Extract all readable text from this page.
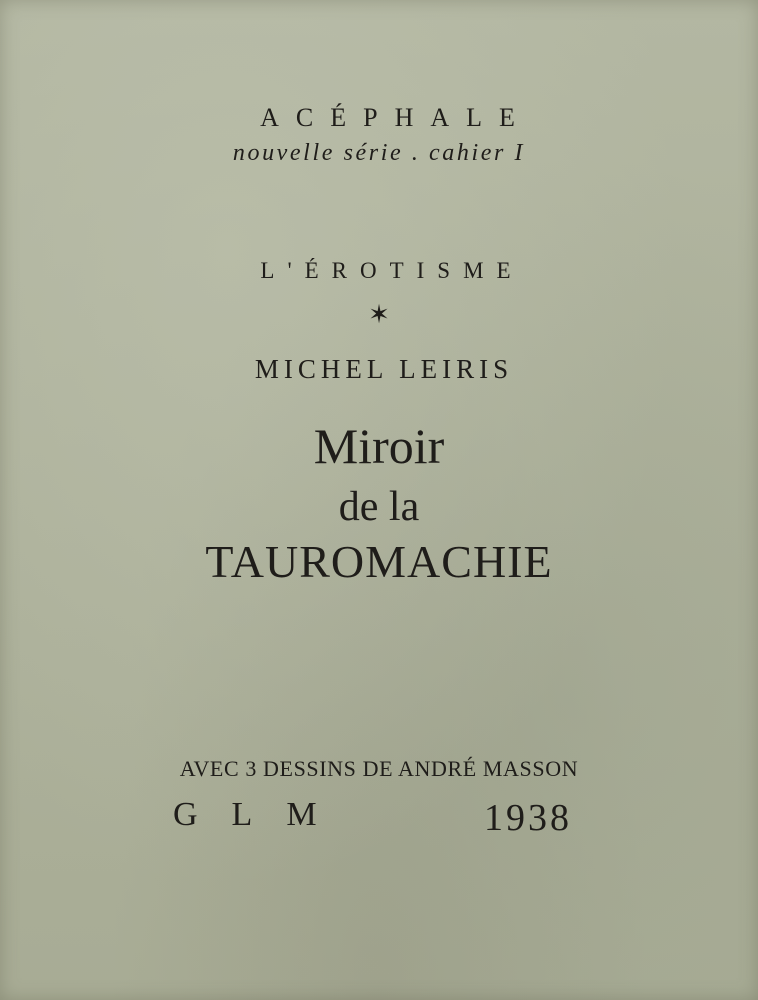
ACÉPHALE
nouvelle série . cahier I
L'ÉROTISME
✶
MICHEL LEIRIS
Miroir
de la
TAUROMACHIE
AVEC 3 DESSINS DE ANDRÉ MASSON
GLM	1938
